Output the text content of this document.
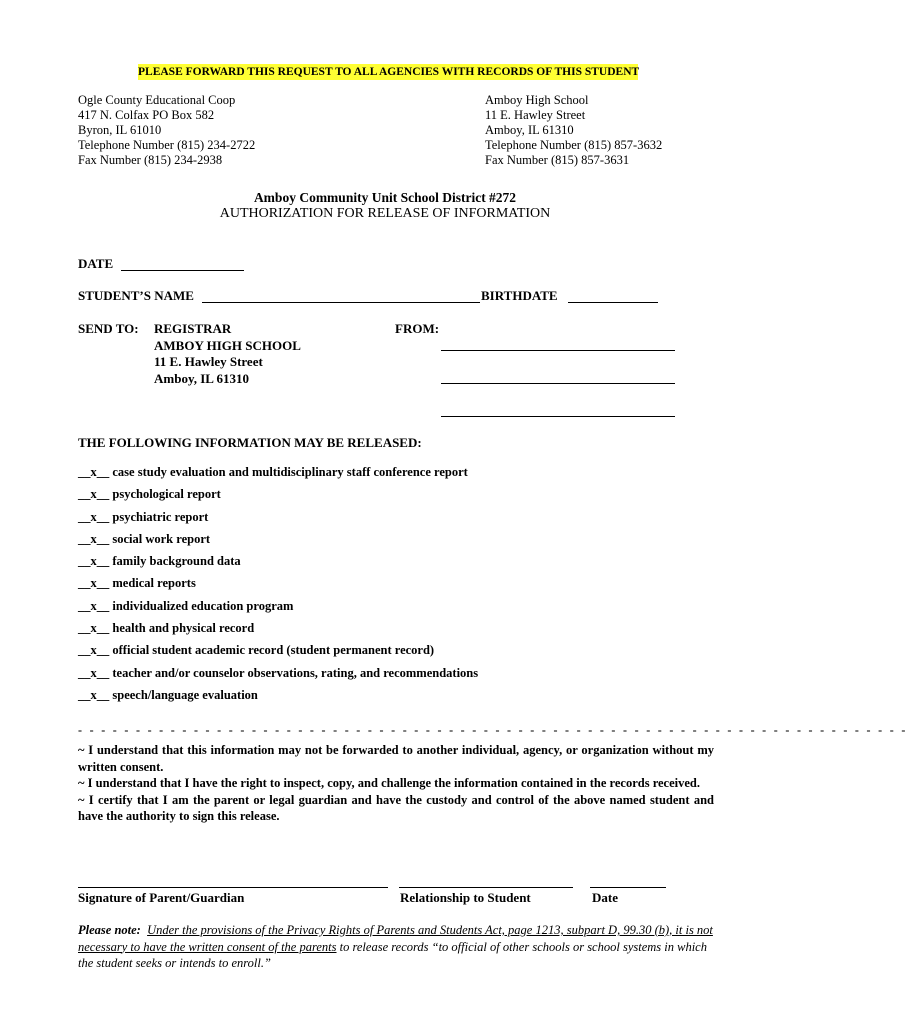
PLEASE FORWARD THIS REQUEST TO ALL AGENCIES WITH RECORDS OF THIS STUDENT
Ogle County Educational Coop
417 N. Colfax PO Box 582
Byron, IL 61010
Telephone Number (815) 234-2722
Fax Number (815) 234-2938
Amboy High School
11 E. Hawley Street
Amboy, IL 61310
Telephone Number (815) 857-3632
Fax Number (815) 857-3631
Amboy Community Unit School District #272
AUTHORIZATION FOR RELEASE OF INFORMATION
DATE
STUDENT’S NAME	BIRTHDATE
SEND TO: REGISTRAR
AMBOY HIGH SCHOOL
11 E. Hawley Street
Amboy, IL 61310
FROM:
THE FOLLOWING INFORMATION MAY BE RELEASED:
__x__ case study evaluation and multidisciplinary staff conference report
__x__ psychological report
__x__ psychiatric report
__x__ social work report
__x__ family background data
__x__ medical reports
__x__ individualized education program
__x__ health and physical record
__x__ official student academic record (student permanent record)
__x__ teacher and/or counselor observations, rating, and recommendations
__x__ speech/language evaluation
- - - - - - - - - - - - - - - - - - - - - - - - - - - - - - - - - - - - - - - - - - - - - - - - - - - - - - - - - - - - - - - - - - - - - - - -

~ I understand that this information may not be forwarded to another individual, agency, or organization without my written consent.

~ I understand that I have the right to inspect, copy, and challenge the information contained in the records received.

~ I certify that I am the parent or legal guardian and have the custody and control of the above named student and have the authority to sign this release.

Signature of Parent/Guardian	Relationship to Student	Date
Please note: Under the provisions of the Privacy Rights of Parents and Students Act, page 1213, subpart D, 99.30 (b), it is not necessary to have the written consent of the parents to release records “to official of other schools or school systems in which the student seeks or intends to enroll.”
